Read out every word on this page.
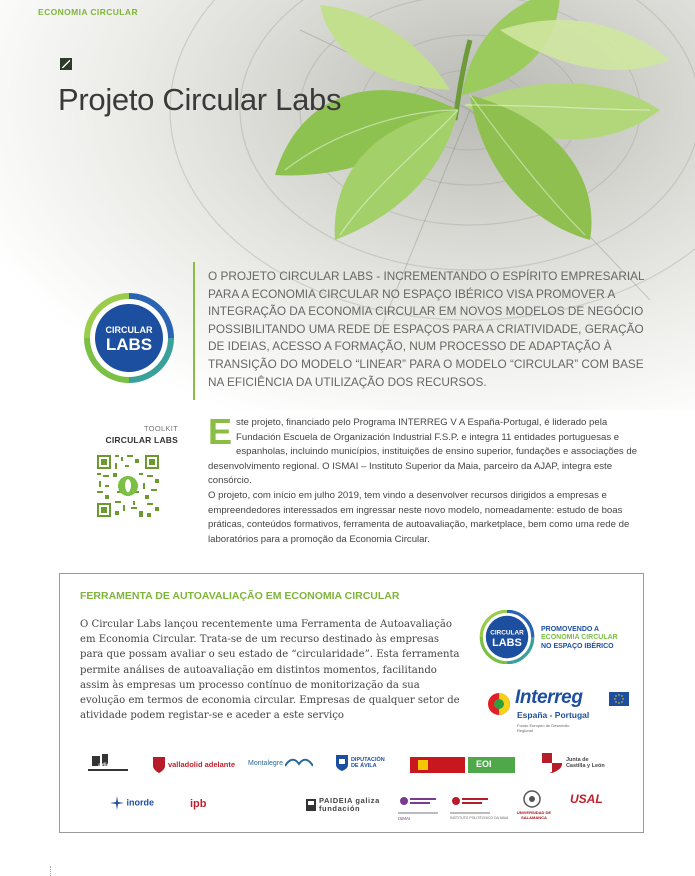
ECONOMIA CIRCULAR
Projeto Circular Labs
CIRCULAR
LABS

O PROJETO CIRCULAR LABS - INCREMENTANDO O ESPÍRITO EMPRESARIAL PARA A ECONOMIA CIRCULAR NO ESPAÇO IBÉRICO VISA PROMOVER A INTEGRAÇÃO DA ECONOMIA CIRCULAR EM NOVOS MODELOS DE NEGÓCIO POSSIBILITANDO UMA REDE DE ESPAÇOS PARA A CRIATIVIDADE, GERAÇÃO DE IDEIAS, ACESSO A FORMAÇÃO, NUM PROCESSO DE ADAPTAÇÃO À TRANSIÇÃO DO MODELO “LINEAR” PARA O MODELO “CIRCULAR” COM BASE NA EFICIÊNCIA DA UTILIZAÇÃO DOS RECURSOS.

TOOLKIT
CIRCULAR LABS Este projeto, financiado pelo Programa INTERREG V A España-Portugal, é liderado pela Fundación Escuela de Organización Industrial F.S.P. e integra 11 entidades portuguesas e espanholas, incluindo municípios, instituições de ensino superior, fundações e associações de desenvolvimento regional. O ISMAI – Instituto Superior da Maia, parceiro da AJAP, integra este consórcio.

O projeto, com início em julho 2019, tem vindo a desenvolver recursos dirigidos a empresas e empreendedores interessados em ingressar neste novo modelo, nomeadamente: estudo de boas práticas, conteúdos formativos, ferramenta de autoavaliação, marketplace, bem como uma rede de laboratórios para a promoção da Economia Circular.

FERRAMENTA DE AUTOAVALIAÇÃO EM ECONOMIA CIRCULAR

O Circular Labs lançou recentemente uma Ferramenta de Autoavaliação em Economia Circular. Trata-se de um recurso destinado às empresas para que possam avaliar o seu estado de “circularidade”. Esta ferramenta permite análises de autoavaliação em distintos momentos, facilitando assim às empresas um processo contínuo de monitorização da sua evolução em termos de economia circular. Empresas de qualquer setor de atividade podem registar-se e aceder a este serviço

CIRCULAR
LABS
PROMOVENDO A
ECONOMIA CIRCULAR
NO ESPAÇO IBÉRICO
Interreg
España - Portugal
Fondo Europeo de Desarrollo Regional
adidec	valladolid adelante Montalegre
DIPUTACIÓN DE ÁVILA	EOI	Junta de Castilla y León
inorde	ipb	PAIDEIA galiza fundación
ISMAI	INSTITUTO POLITÉCNICO DA MAIA
UNIVERSIDAD DE SALAMANCA
USAL
